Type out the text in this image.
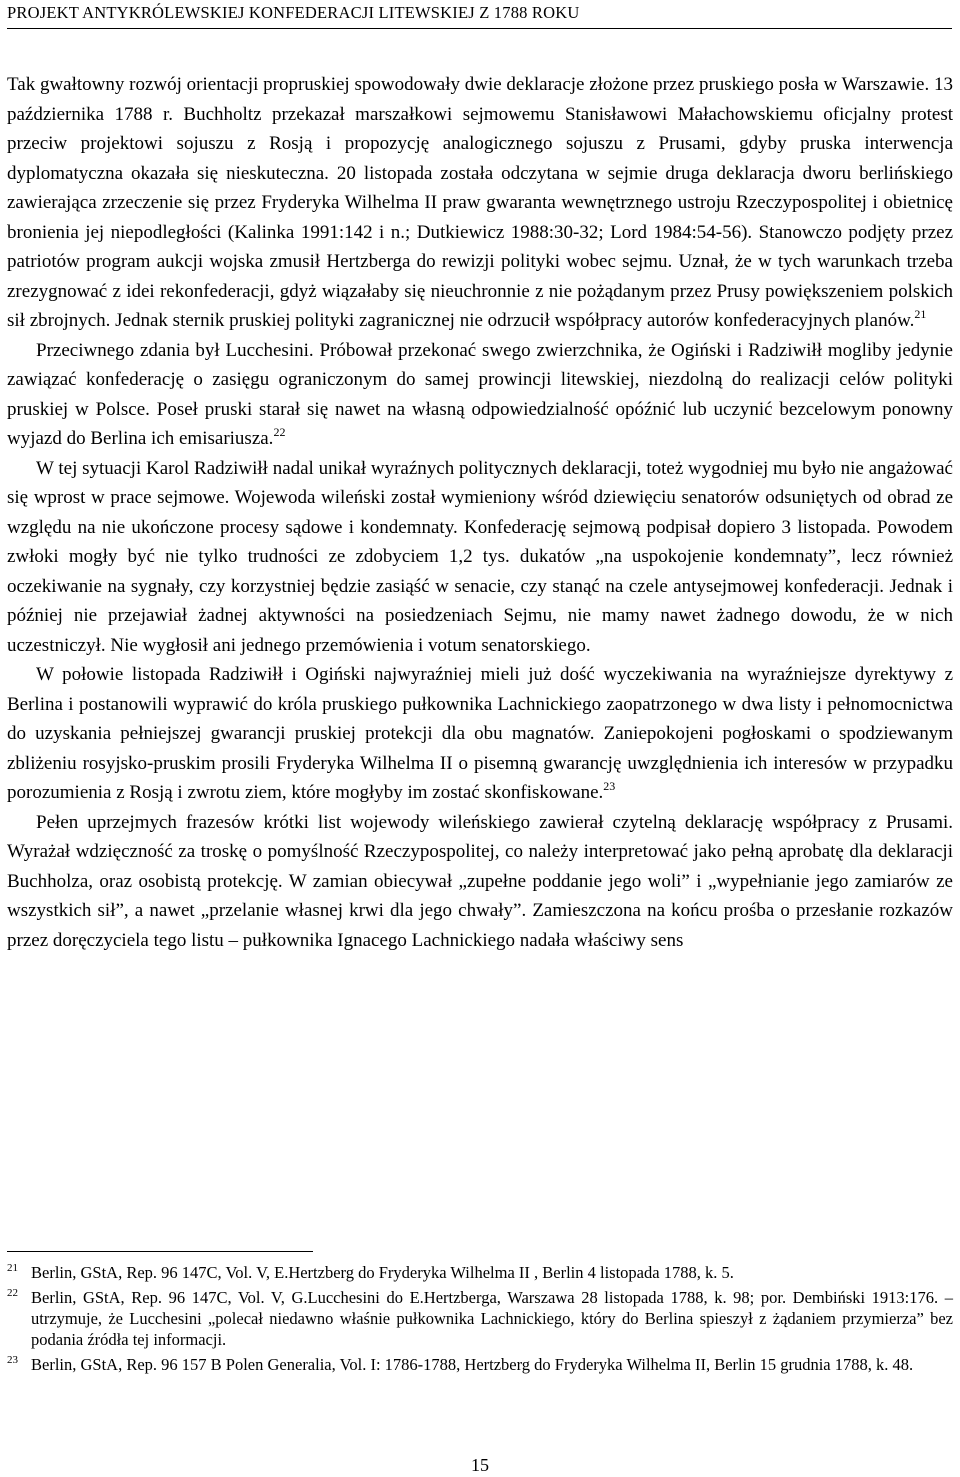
PROJEKT ANTYKRÓLEWSKIEJ KONFEDERACJI LITEWSKIEJ Z 1788 ROKU

Tak gwałtowny rozwój orientacji propruskiej spowodowały dwie deklaracje złożone przez pruskiego posła w Warszawie. 13 października 1788 r. Buchholtz przekazał marszałkowi sejmowemu Stanisławowi Małachowskiemu oficjalny protest przeciw projektowi sojuszu z Rosją i propozycję analogicznego sojuszu z Prusami, gdyby pruska interwencja dyplomatyczna okazała się nieskuteczna. 20 listopada została odczytana w sejmie druga deklaracja dworu berlińskiego zawierająca zrzeczenie się przez Fryderyka Wilhelma II praw gwaranta wewnętrznego ustroju Rzeczypospolitej i obietnicę bronienia jej niepodległości (Kalinka 1991:142 i n.; Dutkiewicz 1988:30-32; Lord 1984:54-56). Stanowczo podjęty przez patriotów program aukcji wojska zmusił Hertzberga do rewizji polityki wobec sejmu. Uznał, że w tych warunkach trzeba zrezygnować z idei rekonfederacji, gdyż wiązałaby się nieuchronnie z nie pożądanym przez Prusy powiększeniem polskich sił zbrojnych. Jednak sternik pruskiej polityki zagranicznej nie odrzucił współpracy autorów konfederacyjnych planów.$^{21}$

Przeciwnego zdania był Lucchesini. Próbował przekonać swego zwierzchnika, że Ogiński i Radziwiłł mogliby jedynie zawiązać konfederację o zasięgu ograniczonym do samej prowincji litewskiej, niezdolną do realizacji celów polityki pruskiej w Polsce. Poseł pruski starał się nawet na własną odpowiedzialność opóźnić lub uczynić bezcelowym ponowny wyjazd do Berlina ich emisariusza.$^{22}$

W tej sytuacji Karol Radziwiłł nadal unikał wyraźnych politycznych deklaracji, toteż wygodniej mu było nie angażować się wprost w prace sejmowe. Wojewoda wileński został wymieniony wśród dziewięciu senatorów odsuniętych od obrad ze względu na nie ukończone procesy sądowe i kondemnaty. Konfederację sejmową podpisał dopiero 3 listopada. Powodem zwłoki mogły być nie tylko trudności ze zdobyciem 1,2 tys. dukatów „na uspokojenie kondemnaty”, lecz również oczekiwanie na sygnały, czy korzystniej będzie zasiąść w senacie, czy stanąć na czele antysejmowej konfederacji. Jednak i później nie przejawiał żadnej aktywności na posiedzeniach Sejmu, nie mamy nawet żadnego dowodu, że w nich uczestniczył. Nie wygłosił ani jednego przemówienia i votum senatorskiego.

W połowie listopada Radziwiłł i Ogiński najwyraźniej mieli już dość wyczekiwania na wyraźniejsze dyrektywy z Berlina i postanowili wyprawić do króla pruskiego pułkownika Lachnickiego zaopatrzonego w dwa listy i pełnomocnictwa do uzyskania pełniejszej gwarancji pruskiej protekcji dla obu magnatów. Zaniepokojeni pogłoskami o spodziewanym zbliżeniu rosyjsko-pruskim prosili Fryderyka Wilhelma II o pisemną gwarancję uwzględnienia ich interesów w przypadku porozumienia z Rosją i zwrotu ziem, które mogłyby im zostać skonfiskowane.$^{23}$

Pełen uprzejmych frazesów krótki list wojewody wileńskiego zawierał czytelną deklarację współpracy z Prusami. Wyrażał wdzięczność za troskę o pomyślność Rzeczypospolitej, co należy interpretować jako pełną aprobatę dla deklaracji Buchholza, oraz osobistą protekcję. W zamian obiecywał „zupełne poddanie jego woli” i „wypełnianie jego zamiarów ze wszystkich sił”, a nawet „przelanie własnej krwi dla jego chwały”. Zamieszczona na końcu prośba o przesłanie rozkazów przez doręczyciela tego listu – pułkownika Ignacego Lachnickiego nadała właściwy sens

21 Berlin, GStA, Rep. 96 147C, Vol. V, E.Hertzberg do Fryderyka Wilhelma II , Berlin 4 listopada 1788, k. 5.
22 Berlin, GStA, Rep. 96 147C, Vol. V, G.Lucchesini do E.Hertzberga, Warszawa 28 listopada 1788, k. 98; por. Dembiński 1913:176. – utrzymuje, że Lucchesini „polecał niedawno właśnie pułkownika Lachnickiego, który do Berlina spieszył z żądaniem przymierza” bez podania źródła tej informacji.
23 Berlin, GStA, Rep. 96 157 B Polen Generalia, Vol. I: 1786-1788, Hertzberg do Fryderyka Wilhelma II, Berlin 15 grudnia 1788, k. 48.
15
